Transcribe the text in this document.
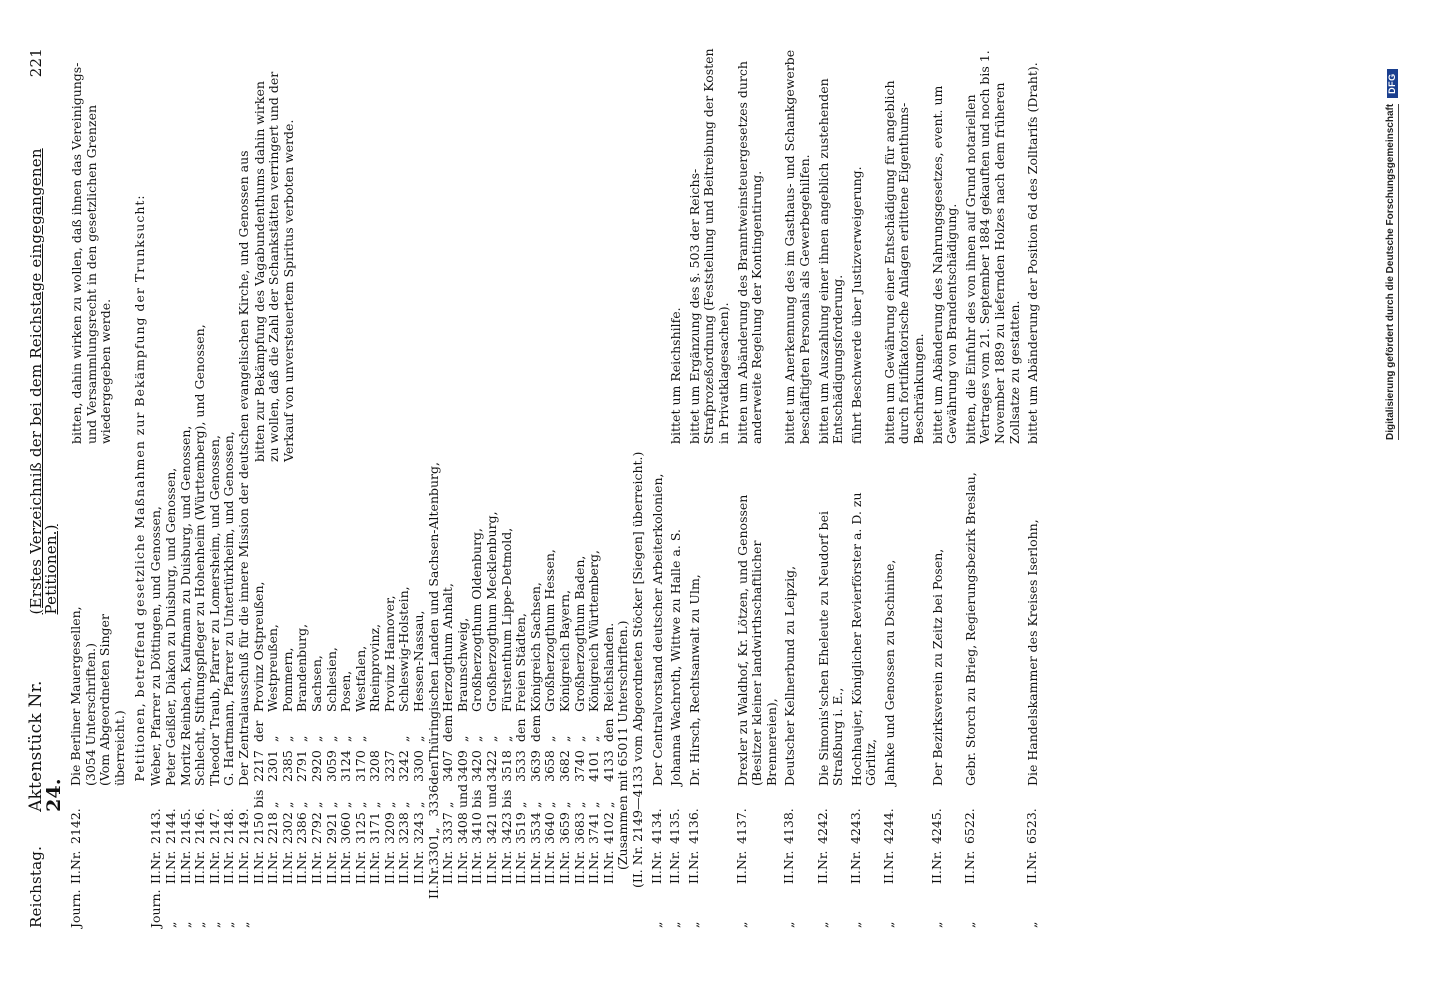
Reichstag.
Aktenstück Nr. 24.
(Erstes Verzeichniß der bei dem Reichstage eingegangenen Petitionen.)
221
Journ.
II.
Nr.
2142.
Die Berliner Mauergesellen, (3054 Unterschriften.) (Vom Abgeordneten Singer überreicht.)
bitten, dahin wirken zu wollen, daß ihnen das Vereinigungs- und Versammlungsrecht in den gesetzlichen Grenzen wiedergegeben werde.	Petitionen, betreffend gesetzliche Maßnahmen zur Bekämpfung der Trunksucht:
Journ.
II.
Nr.
2143.
Weber, Pfarrer zu Döttingen, und Genossen,
„
II.
Nr.
2144.
Peter Geißler, Diakon zu Duisburg, und Genossen,
„
II.
Nr.
2145.
Moritz Reinbach, Kaufmann zu Duisburg, und Genossen,
„
II.
Nr.
2146.
Schlecht, Stiftungspfleger zu Hohenheim (Württemberg), und Genossen,
„
II.
Nr.
2147.
Theodor Traub, Pfarrer zu Lomersheim, und Genossen,
„
II.
Nr.
2148.
G. Hartmann, Pfarrer zu Untertürkheim, und Genossen,
„
II.
Nr.
2149.
Der Zentralausschuß für die innere Mission der deutschen evangelischen Kirche, und Genossen aus
II.
Nr.
2150
bis
2217
der
Provinz Ostpreußen,
II.
Nr.
2218
„
2301
„
Westpreußen,
II.
Nr.
2302
„
2385
„
Pommern,
II.
Nr.
2386
„
2791
„
Brandenburg,
II.
Nr.
2792
„
2920
„
Sachsen,
II.
Nr.
2921
„
3059
„
Schlesien,
II.
Nr.
3060
„
3124
„
Posen,
II.
Nr.
3125
„
3170
„
Westfalen,
II.
Nr.
3171
„
3208
Rheinprovinz,
II.
Nr.
3209
„
3237
Provinz Hannover,
II.
Nr.
3238
„
3242
„
Schleswig-Holstein,
II.
Nr.
3243
„
3300
„
Hessen-Nassau,
II.
Nr.
3301
„
3336
den
Thüringischen Landen und Sachsen-Altenburg,
II.
Nr.
3337
„
3407
dem
Herzogthum Anhalt,
II.
Nr.
3408
und
3409
„
Braunschweig,
II.
Nr.
3410
bis
3420
„
Großherzogthum Oldenburg,
II.
Nr.
3421
und
3422
„
Großherzogthum Mecklenburg,
II.
Nr.
3423
bis
3518
„
Fürstenthum Lippe-Detmold,
II.
Nr.
3519
„
3533
den
Freien Städten,
II.
Nr.
3534
„
3639
dem
Königreich Sachsen,
II.
Nr.
3640
„
3658
„
Großherzogthum Hessen,
II.
Nr.
3659
„
3682
„
Königreich Bayern,
II.
Nr.
3683
„
3740
„
Großherzogthum Baden,
II.
Nr.
3741
„
4101
„
Königreich Württemberg,
II.
Nr.
4102
„
4133
den
Reichslanden.
bitten zur Bekämpfung des Vagabundenthums dahin wirken zu wollen, daß die Zahl der Schankstätten verringert und der Verkauf von unversteuertem Spiritus verboten werde.
(Zusammen mit 65011 Unterschriften.) (II. Nr. 2149—4133 vom Abgeordneten Stöcker [Siegen] überreicht.)
„
II.
Nr.
4134.
Der Centralvorstand deutscher Arbeiterkolonien,
„
II.
Nr.
4135.
Johanna Wachroth, Wittwe zu Halle a. S.
bittet um Reichshilfe.
„
II.
Nr.
4136.
Dr. Hirsch, Rechtsanwalt zu Ulm,
bittet um Ergänzung des §. 503 der Reichs-Strafprozeßordnung (Feststellung und Beitreibung der Kosten in Privatklagesachen).
„
II.
Nr.
4137.
Drexler zu Waldhof, Kr. Lötzen, und Genossen (Besitzer kleiner landwirthschaftlicher Brennereien),
bitten um Abänderung des Branntweinsteuergesetzes durch anderweite Regelung der Kontingentirung.
„
II.
Nr.
4138.
Deutscher Kellnerbund zu Leipzig,
bittet um Anerkennung des im Gasthaus- und Schankgewerbe beschäftigten Personals als Gewerbegehilfen.
„
II.
Nr.
4242.
Die Simonis'schen Eheleute zu Neudorf bei Straßburg i. E.,
bitten um Auszahlung einer ihnen angeblich zustehenden Entschädigungsforderung.
„
II.
Nr.
4243.
Hochhaujer, Königlicher Revierförster a. D. zu Görlitz,
führt Beschwerde über Justizverweigerung.
„
II.
Nr.
4244.
Jahnke und Genossen zu Dschinine,
bitten um Gewährung einer Entschädigung für angeblich durch fortifikatorische Anlagen erlittene Eigenthums-Beschränkungen.
„
II.
Nr.
4245.
Der Bezirksverein zu Zeitz bei Posen,
bittet um Abänderung des Nahrungsgesetzes, event. um Gewährung von Brandentschädigung.
„
II.
Nr.
6522.
Gebr. Storch zu Brieg, Regierungsbezirk Breslau,
bitten, die Einfuhr des von ihnen auf Grund notariellen Vertrages vom 21. September 1884 gekauften und noch bis 1. November 1889 zu liefernden Holzes nach dem früheren Zollsatze zu gestatten.
„
II.
Nr.
6523.
Die Handelskammer des Kreises Iserlohn,
bittet um Abänderung der Position 6d des Zolltarifs (Draht).	Digitalisierung gefördert durch die Deutsche Forschungsgemeinschaft
DFG
